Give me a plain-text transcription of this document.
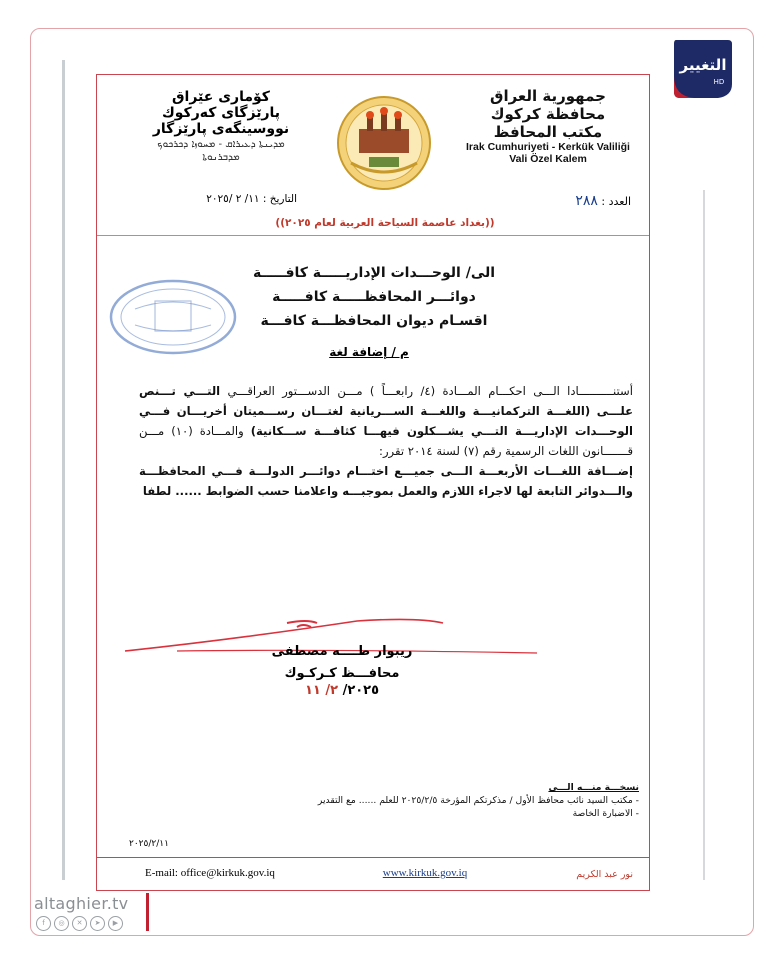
التغيير
HD
جمهورية العراق
محافظة كركوك
مكتب المحافظ
Irak Cumhuriyeti - Kerkük Valiliği
Vali Özel Kalem
كۆماری عێراق
پارێزگای کەرکوك
نووسینگەی پارێزگار
ܡܕܝܢܬܐ ܕܥܝܪܐܩ - ܡܚܘܙܐ ܕܟܪܟܘܟ
ܡܕܒܪܢܘܬܐ
العدد : ٢٨٨
التاريخ : ١١/ ٢ /٢٠٢٥
((بغداد عاصمة السياحة العربية لعام ٢٠٢٥))
الى/ الوحـــدات الإداريـــــة كافـــــة
دوائـــر المحافظـــــة كافـــــة
اقسـام ديوان المحافظـــة كافـــة
م / إضافة لغة
أستنــــــــــادا الـــى احكـــام المـــادة (٤/ رابعـــاً ) مـــن الدســـتور العراقـــي التـــي تـــنص علـــى (اللغـــة التركمانيـــة واللغـــة الســـريانية لغتـــان رســـميتان أخريـــان فـــي الوحـــدات الإداريـــة التـــي يشـــكلون فيهـــا كثافـــة ســـكانية) والمـــادة (١٠) مـــن قـــــــانون اللغات الرسمية رقم (٧) لسنة ٢٠١٤ تقرر:
إضـــافة اللغـــات الأربعـــة الـــى جميـــع اختـــام دوائـــر الدولـــة فـــي المحافظـــة والـــدوائر التابعة لها لاجراء اللازم والعمل بموجبـــه واعلامنا حسب الضوابط ...... لطفا
ريبوار طــــه مصطفى
محافـــظ كـركـوك
٢٠٢٥/ ٢/ ١١
نسخـــة منـــه الـــى
- مكتب السيد نائب محافظ الأول / مذكرتكم المؤرخة ٢٠٢٥/٢/٥ للعلم ...... مع التقدير
- الاضبارة الخاصة
٢٠٢٥/٢/١١
E-mail: office@kirkuk.gov.iq	www.kirkuk.gov.iq	نور عبد الكريم
altaghier.tv
f	◎	✕	➤	▶
